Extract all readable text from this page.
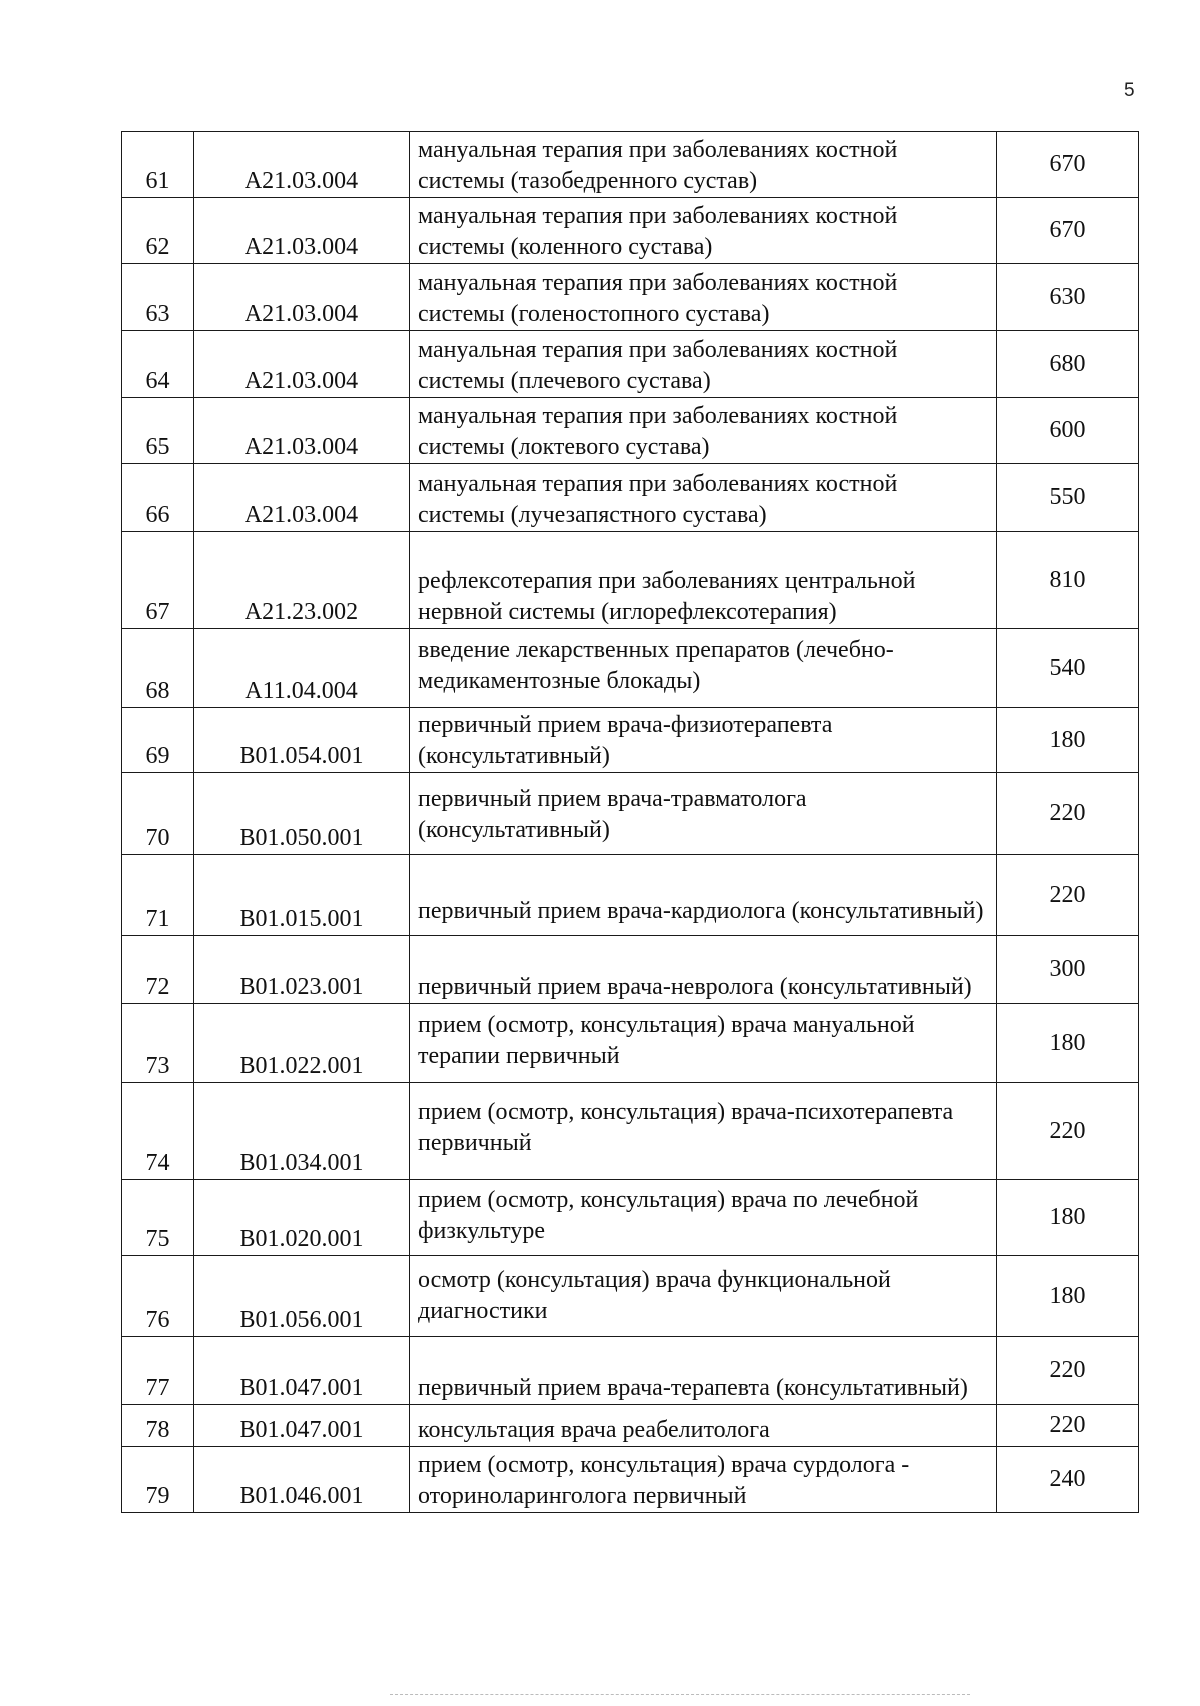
5
61	A21.03.004	мануальная терапия при заболеваниях костной системы (тазобедренного сустав)	670
62	A21.03.004	мануальная терапия при заболеваниях костной системы (коленного сустава)	670
63	A21.03.004	мануальная терапия при заболеваниях костной системы (голеностопного сустава)	630
64	A21.03.004	мануальная терапия при заболеваниях костной системы (плечевого сустава)	680
65	A21.03.004	мануальная терапия при заболеваниях костной системы (локтевого сустава)	600
66	A21.03.004	мануальная терапия при заболеваниях костной системы (лучезапястного сустава)	550
67	A21.23.002	рефлексотерапия при заболеваниях центральной нервной системы (иглорефлексотерапия)	810
68	A11.04.004	введение лекарственных препаратов (лечебно-медикаментозные блокады)	540
69	B01.054.001	первичный прием врача-физиотерапевта (консультативный)	180
70	B01.050.001	первичный прием врача-травматолога (консультативный)	220
71	B01.015.001	первичный прием врача-кардиолога (консультативный)	220
72	B01.023.001	первичный прием врача-невролога (консультативный)	300
73	B01.022.001	прием (осмотр, консультация) врача мануальной терапии первичный	180
74	B01.034.001	прием (осмотр, консультация) врача-психотерапевта первичный	220
75	B01.020.001	прием (осмотр, консультация) врача по лечебной физкультуре	180
76	B01.056.001	осмотр (консультация) врача функциональной диагностики	180
77	B01.047.001	первичный прием врача-терапевта (консультативный)	220
78	B01.047.001	консультация врача реабелитолога	220
79	B01.046.001	прием (осмотр, консультация) врача сурдолога - оториноларинголога первичный	240
